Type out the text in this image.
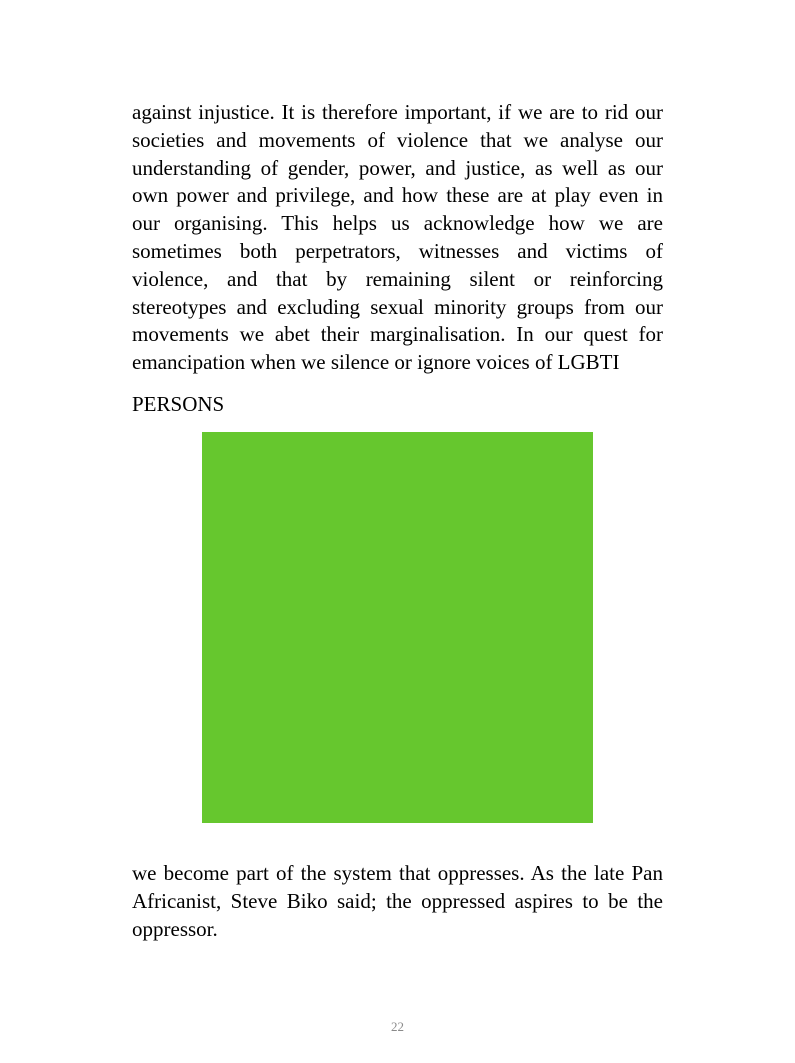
against injustice. It is therefore important, if we are to rid our societies and movements of violence that we analyse our understanding of gender, power, and justice, as well as our own power and privilege, and how these are at play even in our organising. This helps us acknowledge how we are sometimes both perpetrators, witnesses and victims of violence, and that by remaining silent or reinforcing stereotypes and excluding sexual minority groups from our movements we abet their marginalisation. In our quest for emancipation when we silence or ignore voices of LGBTI

PERSONS

we become part of the system that oppresses. As the late Pan Africanist, Steve Biko said; the oppressed aspires to be the oppressor.

22
